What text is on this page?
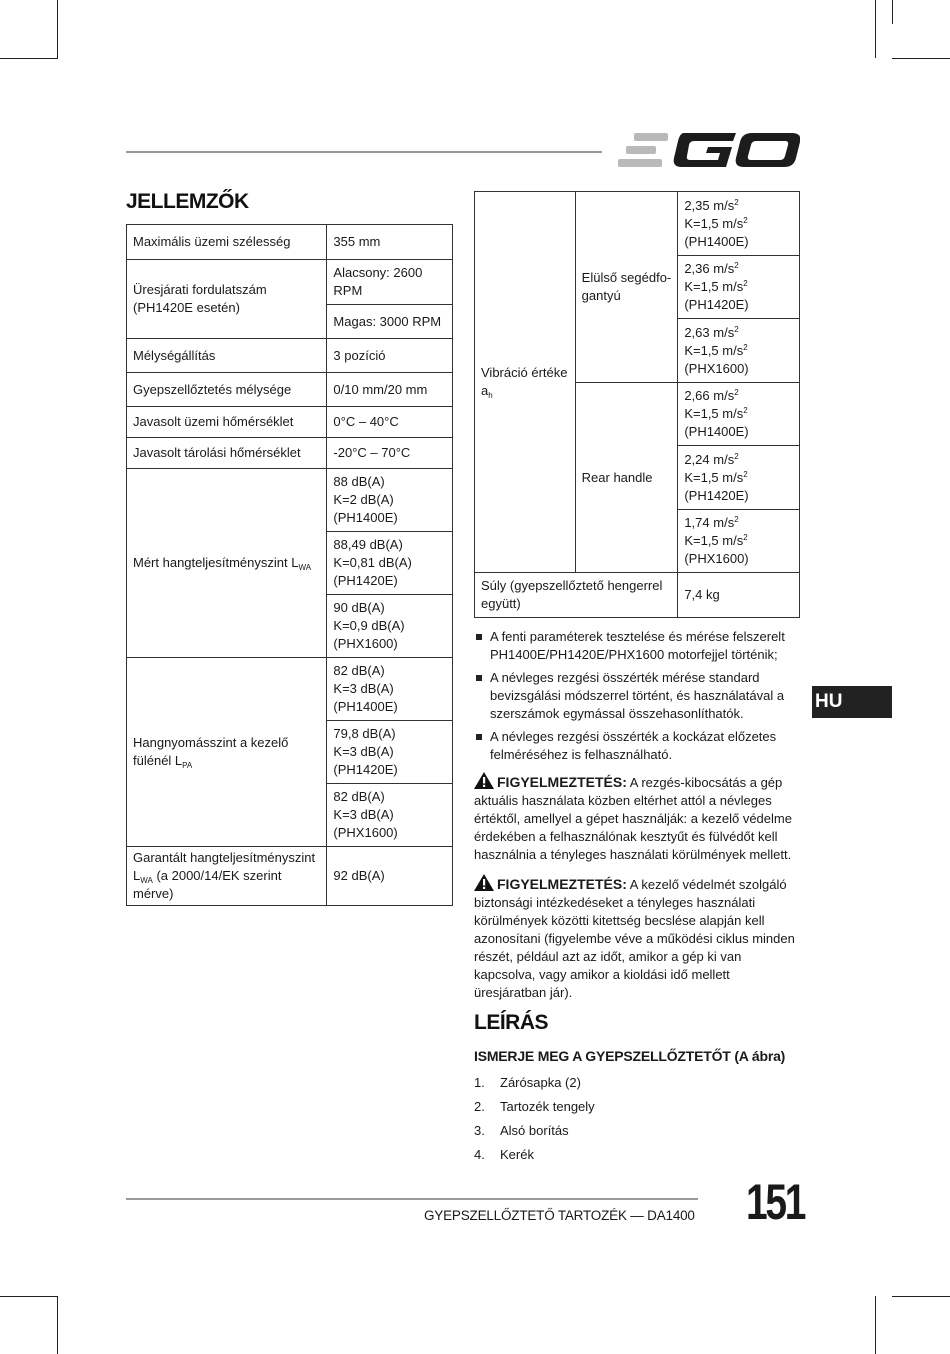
JELLEMZŐK
Maximális üzemi szélesség	355 mm
Üresjárati fordulatszám (PH1420E esetén)	Alacsony: 2600 RPM
	Magas: 3000 RPM
Mélységállítás	3 pozíció
Gyepszellőztetés mélysége	0/10 mm/20 mm
Javasolt üzemi hőmérséklet	0°C – 40°C
Javasolt tárolási hőmérséklet	-20°C – 70°C
Mért hangteljesítményszint $L_{WA}$	88 dB(A)
K=2 dB(A)
(PH1400E)
	88,49 dB(A)
K=0,81 dB(A)
(PH1420E)
	90 dB(A)
K=0,9 dB(A)
(PHX1600)
Hangnyomásszint a kezelő fülénél $L_{PA}$	82 dB(A)
K=3 dB(A)
(PH1400E)
	79,8 dB(A)
K=3 dB(A)
(PH1420E)
	82 dB(A)
K=3 dB(A)
(PHX1600)
Garantált hangteljesítményszint $L_{WA}$ (a 2000/14/EK szerint mérve)	92 dB(A)
Vibráció értéke $a_h$	Elülső segédfo-gantyú	2,35 $m/s^2$
K=1,5 $m/s^2$
(PH1400E)
		2,36 $m/s^2$
K=1,5 $m/s^2$
(PH1420E)
		2,63 $m/s^2$
K=1,5 $m/s^2$
(PHX1600)
	Rear handle	2,66 $m/s^2$
K=1,5 $m/s^2$
(PH1400E)
		2,24 $m/s^2$
K=1,5 $m/s^2$
(PH1420E)
		1,74 $m/s^2$
K=1,5 $m/s^2$
(PHX1600)
Súly (gyepszellőztető hengerrel együtt)		7,4 kg
A fenti paraméterek tesztelése és mérése felszerelt PH1400E/PH1420E/PHX1600 motorfejjel történik;
A névleges rezgési összérték mérése standard bevizsgálási módszerrel történt, és használatával a szerszámok egymással összehasonlíthatók.
A névleges rezgési összérték a kockázat előzetes felméréséhez is felhasználható.
FIGYELMEZTETÉS: A rezgés-kibocsátás a gép aktuális használata közben eltérhet attól a névleges értéktől, amellyel a gépet használják: a kezelő védelme érdekében a felhasználónak kesztyűt és fülvédőt kell használnia a tényleges használati körülmények mellett.
FIGYELMEZTETÉS: A kezelő védelmét szolgáló biztonsági intézkedéseket a tényleges használati körülmények közötti kitettség becslése alapján kell azonosítani (figyelembe véve a működési ciklus minden részét, például azt az időt, amikor a gép ki van kapcsolva, vagy amikor a kioldási idő mellett üresjáratban jár).
HU
LEÍRÁS
ISMERJE MEG A GYEPSZELLŐZTETŐT (A ábra)
1. Zárósapka (2)
2. Tartozék tengely
3. Alsó borítás
4. Kerék
GYEPSZELLŐZTETŐ TARTOZÉK — DA1400 151
